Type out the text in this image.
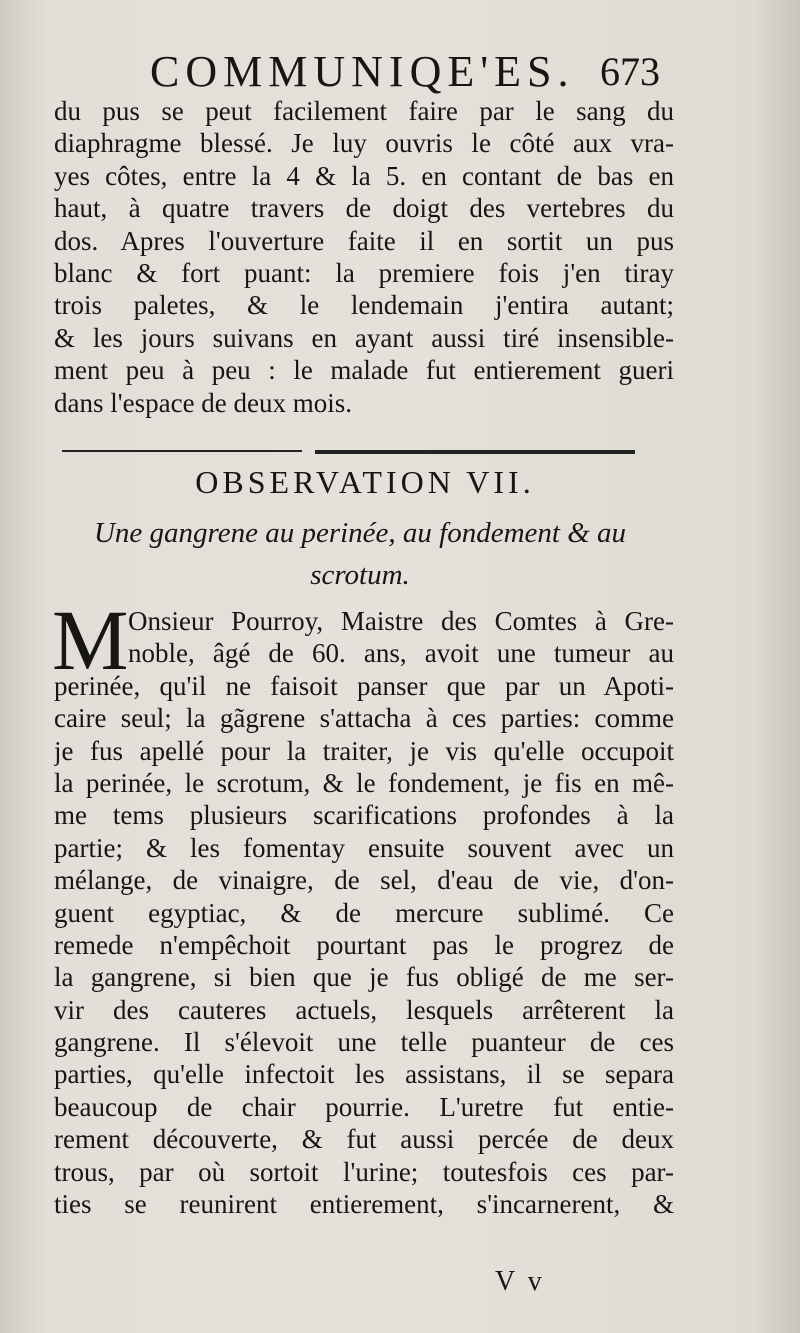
COMMUNIQE'ES. 673
du pus se peut facilement faire par le sang du
diaphragme blessé. Je luy ouvris le côté aux vra-
yes côtes, entre la 4 & la 5. en contant de bas en
haut, à quatre travers de doigt des vertebres du
dos. Apres l'ouverture faite il en sortit un pus
blanc & fort puant: la premiere fois j'en tiray
trois paletes, & le lendemain j'entira autant;
& les jours suivans en ayant aussi tiré insensible-
ment peu à peu : le malade fut entierement gueri
dans l'espace de deux mois.
OBSERVATION VII.
Une gangrene au perinée, au fondement & au
scrotum.
M Onsieur Pourroy, Maistre des Comtes à Gre-
noble, âgé de 60. ans, avoit une tumeur au
perinée, qu'il ne faisoit panser que par un Apoti-
caire seul; la gãgrene s'attacha à ces parties: comme
je fus apellé pour la traiter, je vis qu'elle occupoit
la perinée, le scrotum, & le fondement, je fis en mê-
me tems plusieurs scarifications profondes à la
partie; & les fomentay ensuite souvent avec un
mélange, de vinaigre, de sel, d'eau de vie, d'on-
guent egyptiac, & de mercure sublimé. Ce
remede n'empêchoit pourtant pas le progrez de
la gangrene, si bien que je fus obligé de me ser-
vir des cauteres actuels, lesquels arrêterent la
gangrene. Il s'élevoit une telle puanteur de ces
parties, qu'elle infectoit les assistans, il se separa
beaucoup de chair pourrie. L'uretre fut entie-
rement découverte, & fut aussi percée de deux
trous, par où sortoit l'urine; toutesfois ces par-
ties se reunirent entierement, s'incarnerent, &
V v
